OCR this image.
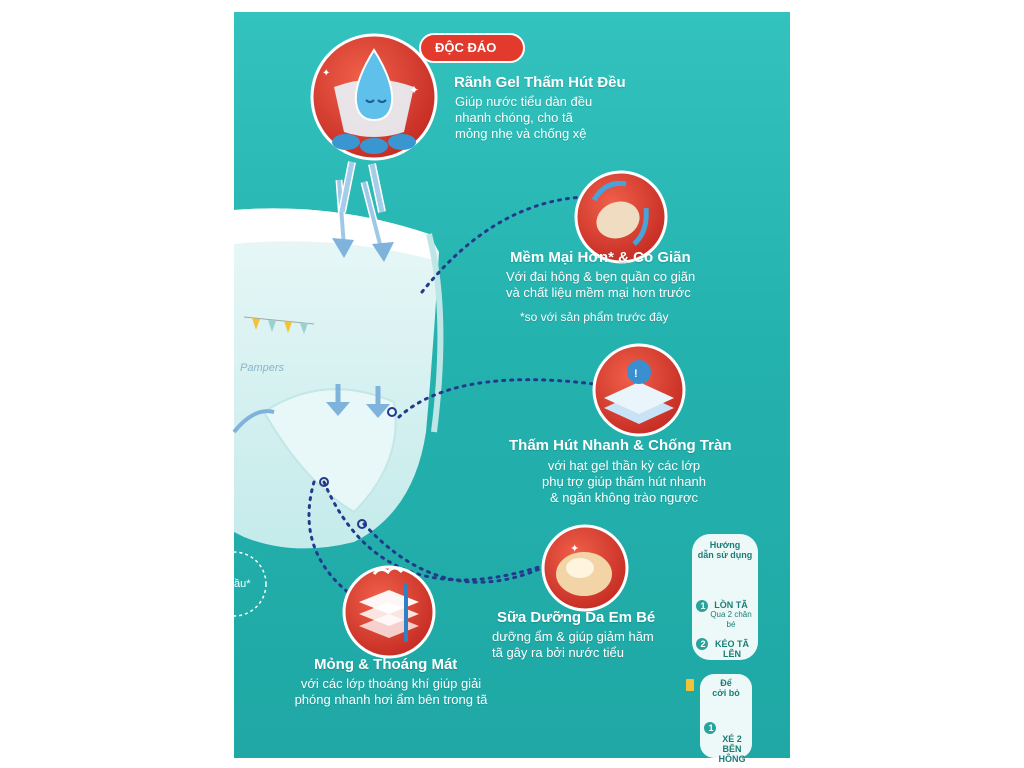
✦
✦
!
✦
ĐỘC ĐÁO
Rãnh Gel Thấm Hút Đều
Giúp nước tiểu dàn đều
nhanh chóng, cho tã
mỏng nhẹ và chống xệ
Mềm Mại Hơn* & Co Giãn
Với đai hông & bẹn quần co giãn
và chất liệu mềm mại hơn trước
*so với sản phẩm trước đây
Thấm Hút Nhanh & Chống Tràn
với hạt gel thần kỳ các lớp
phụ trợ giúp thấm hút nhanh
& ngăn không trào ngược
Sữa Dưỡng Da Em Bé
dưỡng ẩm & giúp giảm hăm
tã gây ra bởi nước tiểu
Mỏng & Thoáng Mát
với các lớp thoáng khí giúp giải
phóng nhanh hơi ẩm bên trong tã
Pampers
ầu*
Hướng
dẫn sử dụng
1 LỒN TÃ
Qua 2 chân bé
2	KÉO TÃ LÊN
Để
cởi bỏ
1
XÉ 2
BÊN HÔNG
